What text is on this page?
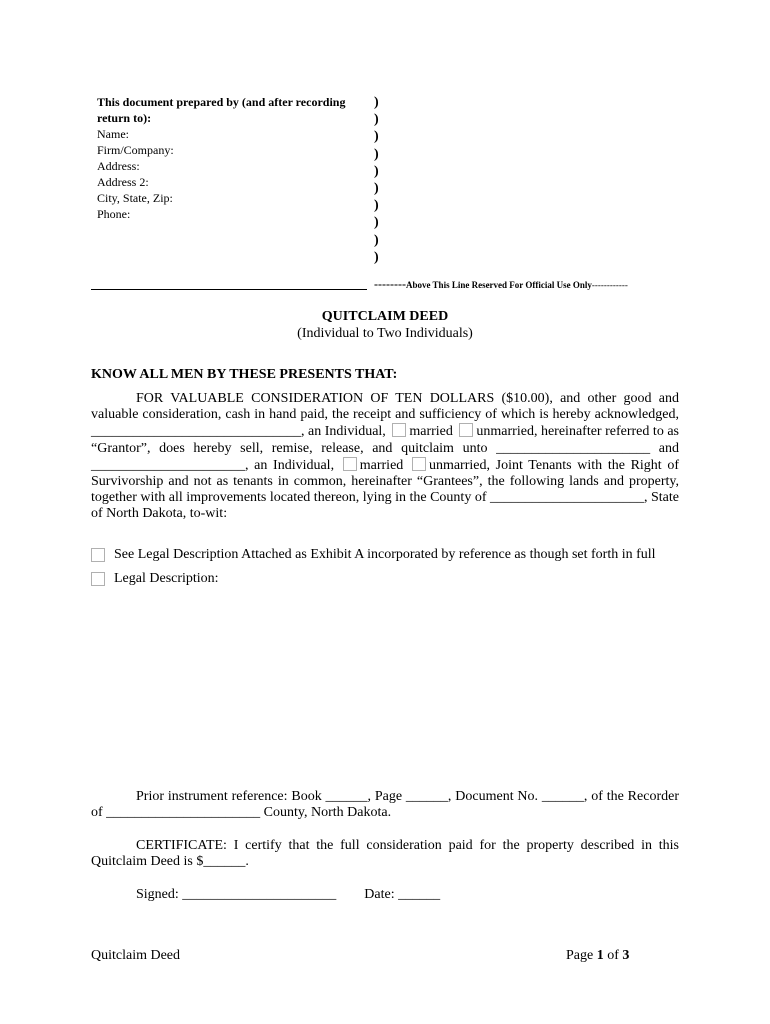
This document prepared by (and after recording return to):
Name:
Firm/Company:
Address:
Address 2:
City, State, Zip:
Phone:
)
)
)
)
)
)
)
)
)
)
--------Above This Line Reserved For Official Use Only------------
QUITCLAIM DEED
(Individual to Two Individuals)
KNOW ALL MEN BY THESE PRESENTS THAT:
FOR VALUABLE CONSIDERATION OF TEN DOLLARS ($10.00), and other good and valuable consideration, cash in hand paid, the receipt and sufficiency of which is hereby acknowledged, ______________________________, an Individual, married unmarried, hereinafter referred to as “Grantor”, does hereby sell, remise, release, and quitclaim unto ______________________ and ______________________, an Individual, married unmarried, Joint Tenants with the Right of Survivorship and not as tenants in common, hereinafter “Grantees”, the following lands and property, together with all improvements located thereon, lying in the County of ______________________, State of North Dakota, to-wit:
See Legal Description Attached as Exhibit A incorporated by reference as though set forth in full
Legal Description:
Prior instrument reference: Book ______, Page ______, Document No. ______, of the Recorder of ______________________ County, North Dakota.
CERTIFICATE: I certify that the full consideration paid for the property described in this Quitclaim Deed is $______.
Signed: ______________________ Date: ______
Quitclaim Deed	Page 1 of 3
